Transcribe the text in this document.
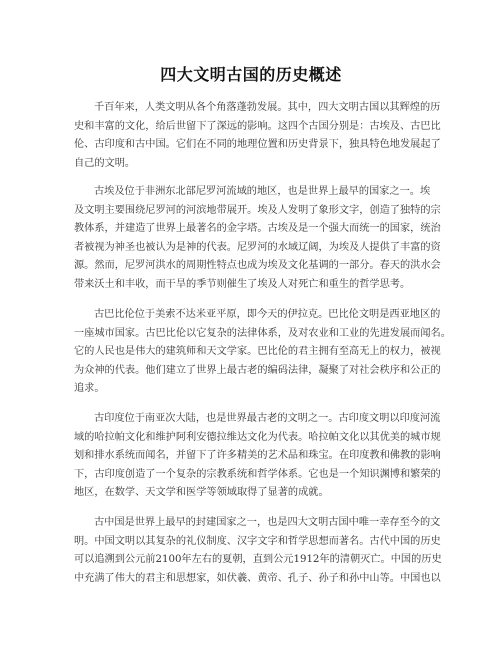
四大文明古国的历史概述
千百年来，人类文明从各个角落蓬勃发展。其中，四大文明古国以其辉煌的历
史和丰富的文化，给后世留下了深远的影响。这四个古国分别是：古埃及、古巴比
伦、古印度和古中国。它们在不同的地理位置和历史背景下，独具特色地发展起了
自己的文明。
古埃及位于非洲东北部尼罗河流域的地区，也是世界上最早的国家之一。埃
及文明主要围绕尼罗河的河滨地带展开。埃及人发明了象形文字，创造了独特的宗
教体系，并建造了世界上最著名的金字塔。古埃及是一个强大而统一的国家，统治
者被视为神圣也被认为是神的代表。尼罗河的水域辽阔，为埃及人提供了丰富的资
源。然而，尼罗河洪水的周期性特点也成为埃及文化基调的一部分。春天的洪水会
带来沃土和丰收，而干旱的季节则催生了埃及人对死亡和重生的哲学思考。
古巴比伦位于美索不达米亚平原，即今天的伊拉克。巴比伦文明是西亚地区的
一座城市国家。古巴比伦以它复杂的法律体系，及对农业和工业的先进发展而闻名。
它的人民也是伟大的建筑师和天文学家。巴比伦的君主拥有至高无上的权力，被视
为众神的代表。他们建立了世界上最古老的编码法律，凝聚了对社会秩序和公正的
追求。
古印度位于南亚次大陆，也是世界最古老的文明之一。古印度文明以印度河流
域的哈拉帕文化和维护阿利安德拉维达文化为代表。哈拉帕文化以其优美的城市规
划和排水系统而闻名，并留下了许多精美的艺术品和珠宝。在印度教和佛教的影响
下，古印度创造了一个复杂的宗教系统和哲学体系。它也是一个知识渊博和繁荣的
地区，在数学、天文学和医学等领域取得了显著的成就。
古中国是世界上最早的封建国家之一，也是四大文明古国中唯一幸存至今的文
明。中国文明以其复杂的礼仪制度、汉字文字和哲学思想而著名。古代中国的历史
可以追溯到公元前2100年左右的夏朝，直到公元1912年的清朝灭亡。中国的历史
中充满了伟大的君主和思想家，如伏羲、黄帝、孔子、孙子和孙中山等。中国也以
